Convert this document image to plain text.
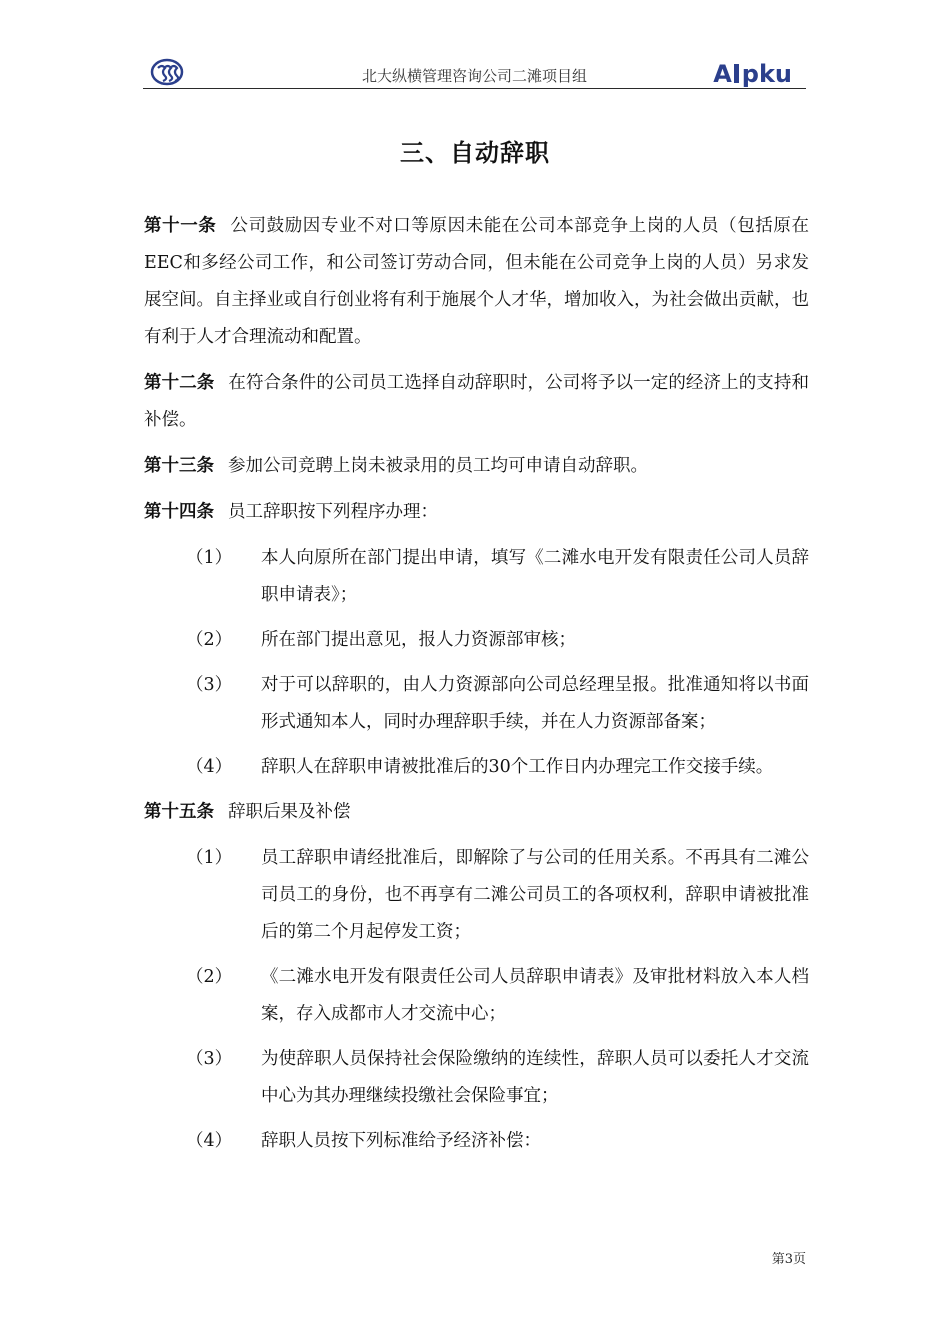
北大纵横管理咨询公司二滩项目组	A pku
三、自动辞职

第十一条 公司鼓励因专业不对口等原因未能在公司本部竞争上岗的人员（包括原在EEC和多经公司工作，和公司签订劳动合同，但未能在公司竞争上岗的人员）另求发展空间。自主择业或自行创业将有利于施展个人才华，增加收入，为社会做出贡献，也有利于人才合理流动和配置。

第十二条 在符合条件的公司员工选择自动辞职时，公司将予以一定的经济上的支持和补偿。

第十三条 参加公司竞聘上岗未被录用的员工均可申请自动辞职。

第十四条 员工辞职按下列程序办理：

（1）	本人向原所在部门提出申请，填写《二滩水电开发有限责任公司人员辞职申请表》；
（2）	所在部门提出意见，报人力资源部审核；
（3）	对于可以辞职的，由人力资源部向公司总经理呈报。批准通知将以书面形式通知本人，同时办理辞职手续，并在人力资源部备案；
（4）	辞职人在辞职申请被批准后的30个工作日内办理完工作交接手续。

第十五条 辞职后果及补偿

（1）	员工辞职申请经批准后，即解除了与公司的任用关系。不再具有二滩公司员工的身份，也不再享有二滩公司员工的各项权利，辞职申请被批准后的第二个月起停发工资；
（2）	《二滩水电开发有限责任公司人员辞职申请表》及审批材料放入本人档案，存入成都市人才交流中心；
（3）	为使辞职人员保持社会保险缴纳的连续性，辞职人员可以委托人才交流中心为其办理继续投缴社会保险事宜；
（4）	辞职人员按下列标准给予经济补偿：
第3页
